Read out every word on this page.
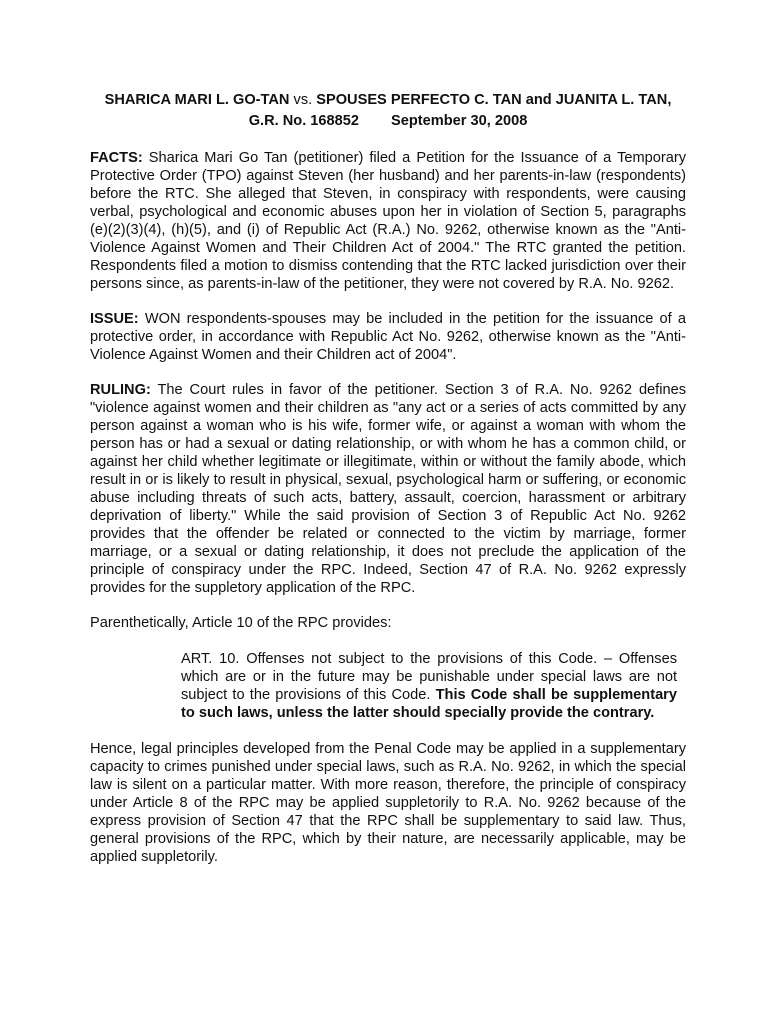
SHARICA MARI L. GO-TAN vs. SPOUSES PERFECTO C. TAN and JUANITA L. TAN,

G.R. No. 168852 September 30, 2008

FACTS: Sharica Mari Go Tan (petitioner) filed a Petition for the Issuance of a Temporary Protective Order (TPO) against Steven (her husband) and her parents-in-law (respondents) before the RTC. She alleged that Steven, in conspiracy with respondents, were causing verbal, psychological and economic abuses upon her in violation of Section 5, paragraphs (e)(2)(3)(4), (h)(5), and (i) of Republic Act (R.A.) No. 9262, otherwise known as the "Anti-Violence Against Women and Their Children Act of 2004." The RTC granted the petition. Respondents filed a motion to dismiss contending that the RTC lacked jurisdiction over their persons since, as parents-in-law of the petitioner, they were not covered by R.A. No. 9262.

ISSUE: WON respondents-spouses may be included in the petition for the issuance of a protective order, in accordance with Republic Act No. 9262, otherwise known as the "Anti-Violence Against Women and their Children act of 2004".

RULING: The Court rules in favor of the petitioner. Section 3 of R.A. No. 9262 defines "violence against women and their children as "any act or a series of acts committed by any person against a woman who is his wife, former wife, or against a woman with whom the person has or had a sexual or dating relationship, or with whom he has a common child, or against her child whether legitimate or illegitimate, within or without the family abode, which result in or is likely to result in physical, sexual, psychological harm or suffering, or economic abuse including threats of such acts, battery, assault, coercion, harassment or arbitrary deprivation of liberty." While the said provision of Section 3 of Republic Act No. 9262 provides that the offender be related or connected to the victim by marriage, former marriage, or a sexual or dating relationship, it does not preclude the application of the principle of conspiracy under the RPC. Indeed, Section 47 of R.A. No. 9262 expressly provides for the suppletory application of the RPC.

Parenthetically, Article 10 of the RPC provides:

ART. 10. Offenses not subject to the provisions of this Code. – Offenses which are or in the future may be punishable under special laws are not subject to the provisions of this Code. This Code shall be supplementary to such laws, unless the latter should specially provide the contrary.

Hence, legal principles developed from the Penal Code may be applied in a supplementary capacity to crimes punished under special laws, such as R.A. No. 9262, in which the special law is silent on a particular matter. With more reason, therefore, the principle of conspiracy under Article 8 of the RPC may be applied suppletorily to R.A. No. 9262 because of the express provision of Section 47 that the RPC shall be supplementary to said law. Thus, general provisions of the RPC, which by their nature, are necessarily applicable, may be applied suppletorily.
